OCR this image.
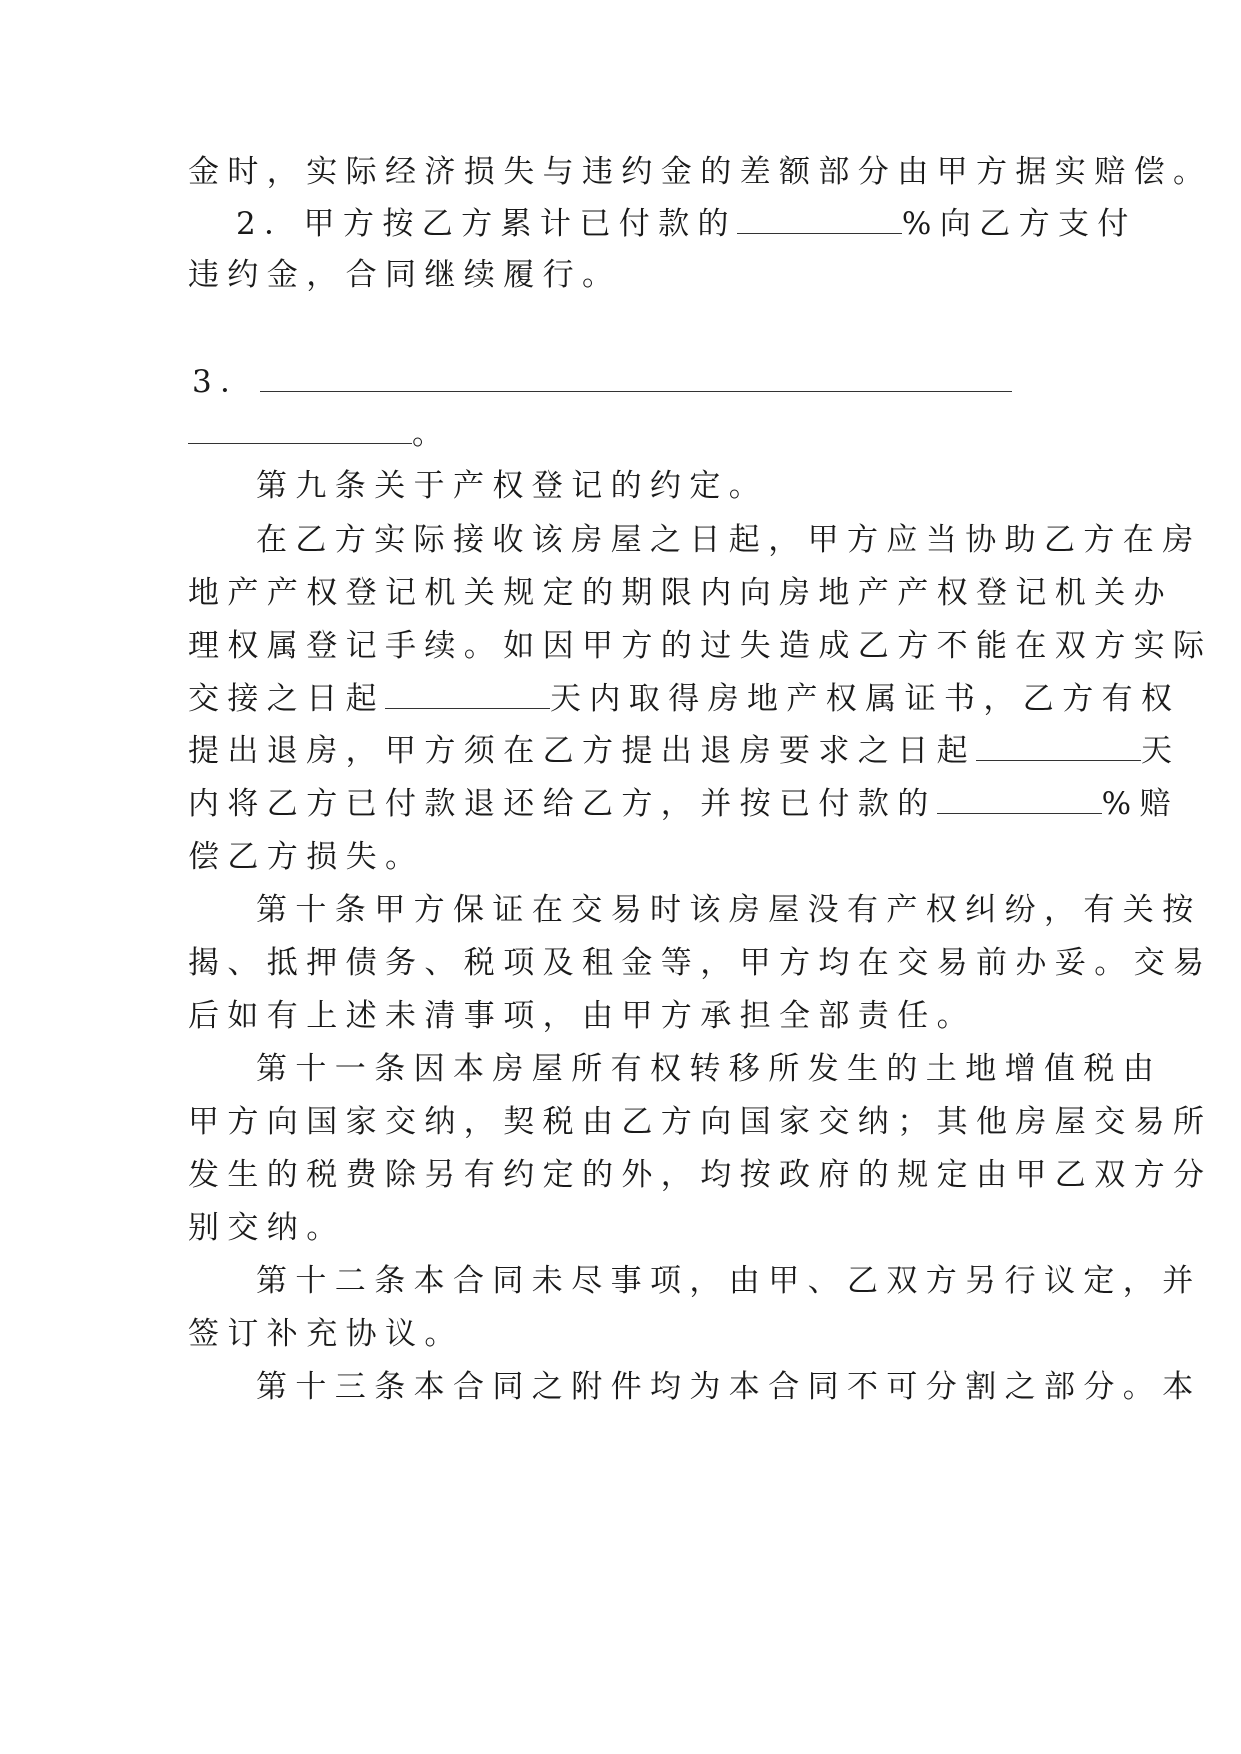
金时，实际经济损失与违约金的差额部分由甲方据实赔偿。
2．甲方按乙方累计已付款的	%向乙方支付
违约金，合同继续履行。
3．
。
第九条关于产权登记的约定。
在乙方实际接收该房屋之日起，甲方应当协助乙方在房
地产产权登记机关规定的期限内向房地产产权登记机关办
理权属登记手续。如因甲方的过失造成乙方不能在双方实际
交接之日起	天内取得房地产权属证书，乙方有权
提出退房，甲方须在乙方提出退房要求之日起	天
内将乙方已付款退还给乙方，并按已付款的	%赔
偿乙方损失。
第十条甲方保证在交易时该房屋没有产权纠纷，有关按
揭、抵押债务、税项及租金等，甲方均在交易前办妥。交易
后如有上述未清事项，由甲方承担全部责任。
第十一条因本房屋所有权转移所发生的土地增值税由
甲方向国家交纳，契税由乙方向国家交纳；其他房屋交易所
发生的税费除另有约定的外，均按政府的规定由甲乙双方分
别交纳。
第十二条本合同未尽事项，由甲、乙双方另行议定，并
签订补充协议。
第十三条本合同之附件均为本合同不可分割之部分。本
